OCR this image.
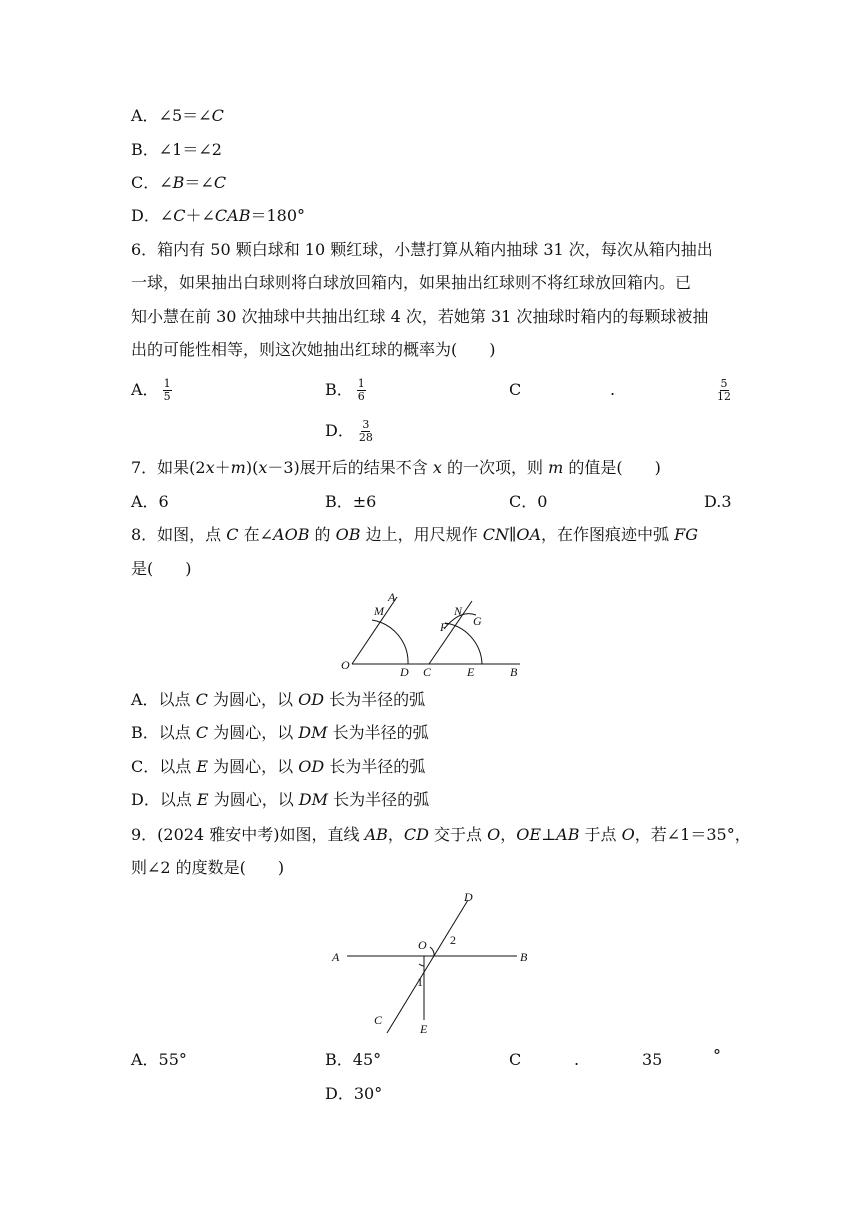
A．∠5＝∠C
B．∠1＝∠2
C．∠B＝∠C
D．∠C＋∠CAB＝180°
6．箱内有 50 颗白球和 10 颗红球，小慧打算从箱内抽球 31 次，每次从箱内抽出
一球，如果抽出白球则将白球放回箱内，如果抽出红球则不将红球放回箱内。已
知小慧在前 30 次抽球中共抽出红球 4 次，若她第 31 次抽球时箱内的每颗球被抽
出的可能性相等，则这次她抽出红球的概率为(　　)
A． $\frac{1}{5}$	B． $\frac{1}{6}$	C	.	$\frac{5}{12}$
D． $\frac{3}{28}$
7．如果(2x＋m)(x－3)展开后的结果不含 x 的一次项，则 m 的值是(　　)
A．6	B．±6	C．0	D.3
8．如图，点 C 在∠AOB 的 OB 边上，用尺规作 CN∥OA，在作图痕迹中弧 FG
是(　　)
A
M	N
F G
O	D C	E	B
A．以点 C 为圆心，以 OD 长为半径的弧
B．以点 C 为圆心，以 DM 长为半径的弧
C．以点 E 为圆心，以 OD 长为半径的弧
D．以点 E 为圆心，以 DM 长为半径的弧
9．(2024 雅安中考)如图，直线 AB，CD 交于点 O，OE⊥AB 于点 O，若∠1＝35°，
则∠2 的度数是(　　)
D
A
O 2
B
1
C
E
A．55°	B．45°	C	.	35	°
D．30°
